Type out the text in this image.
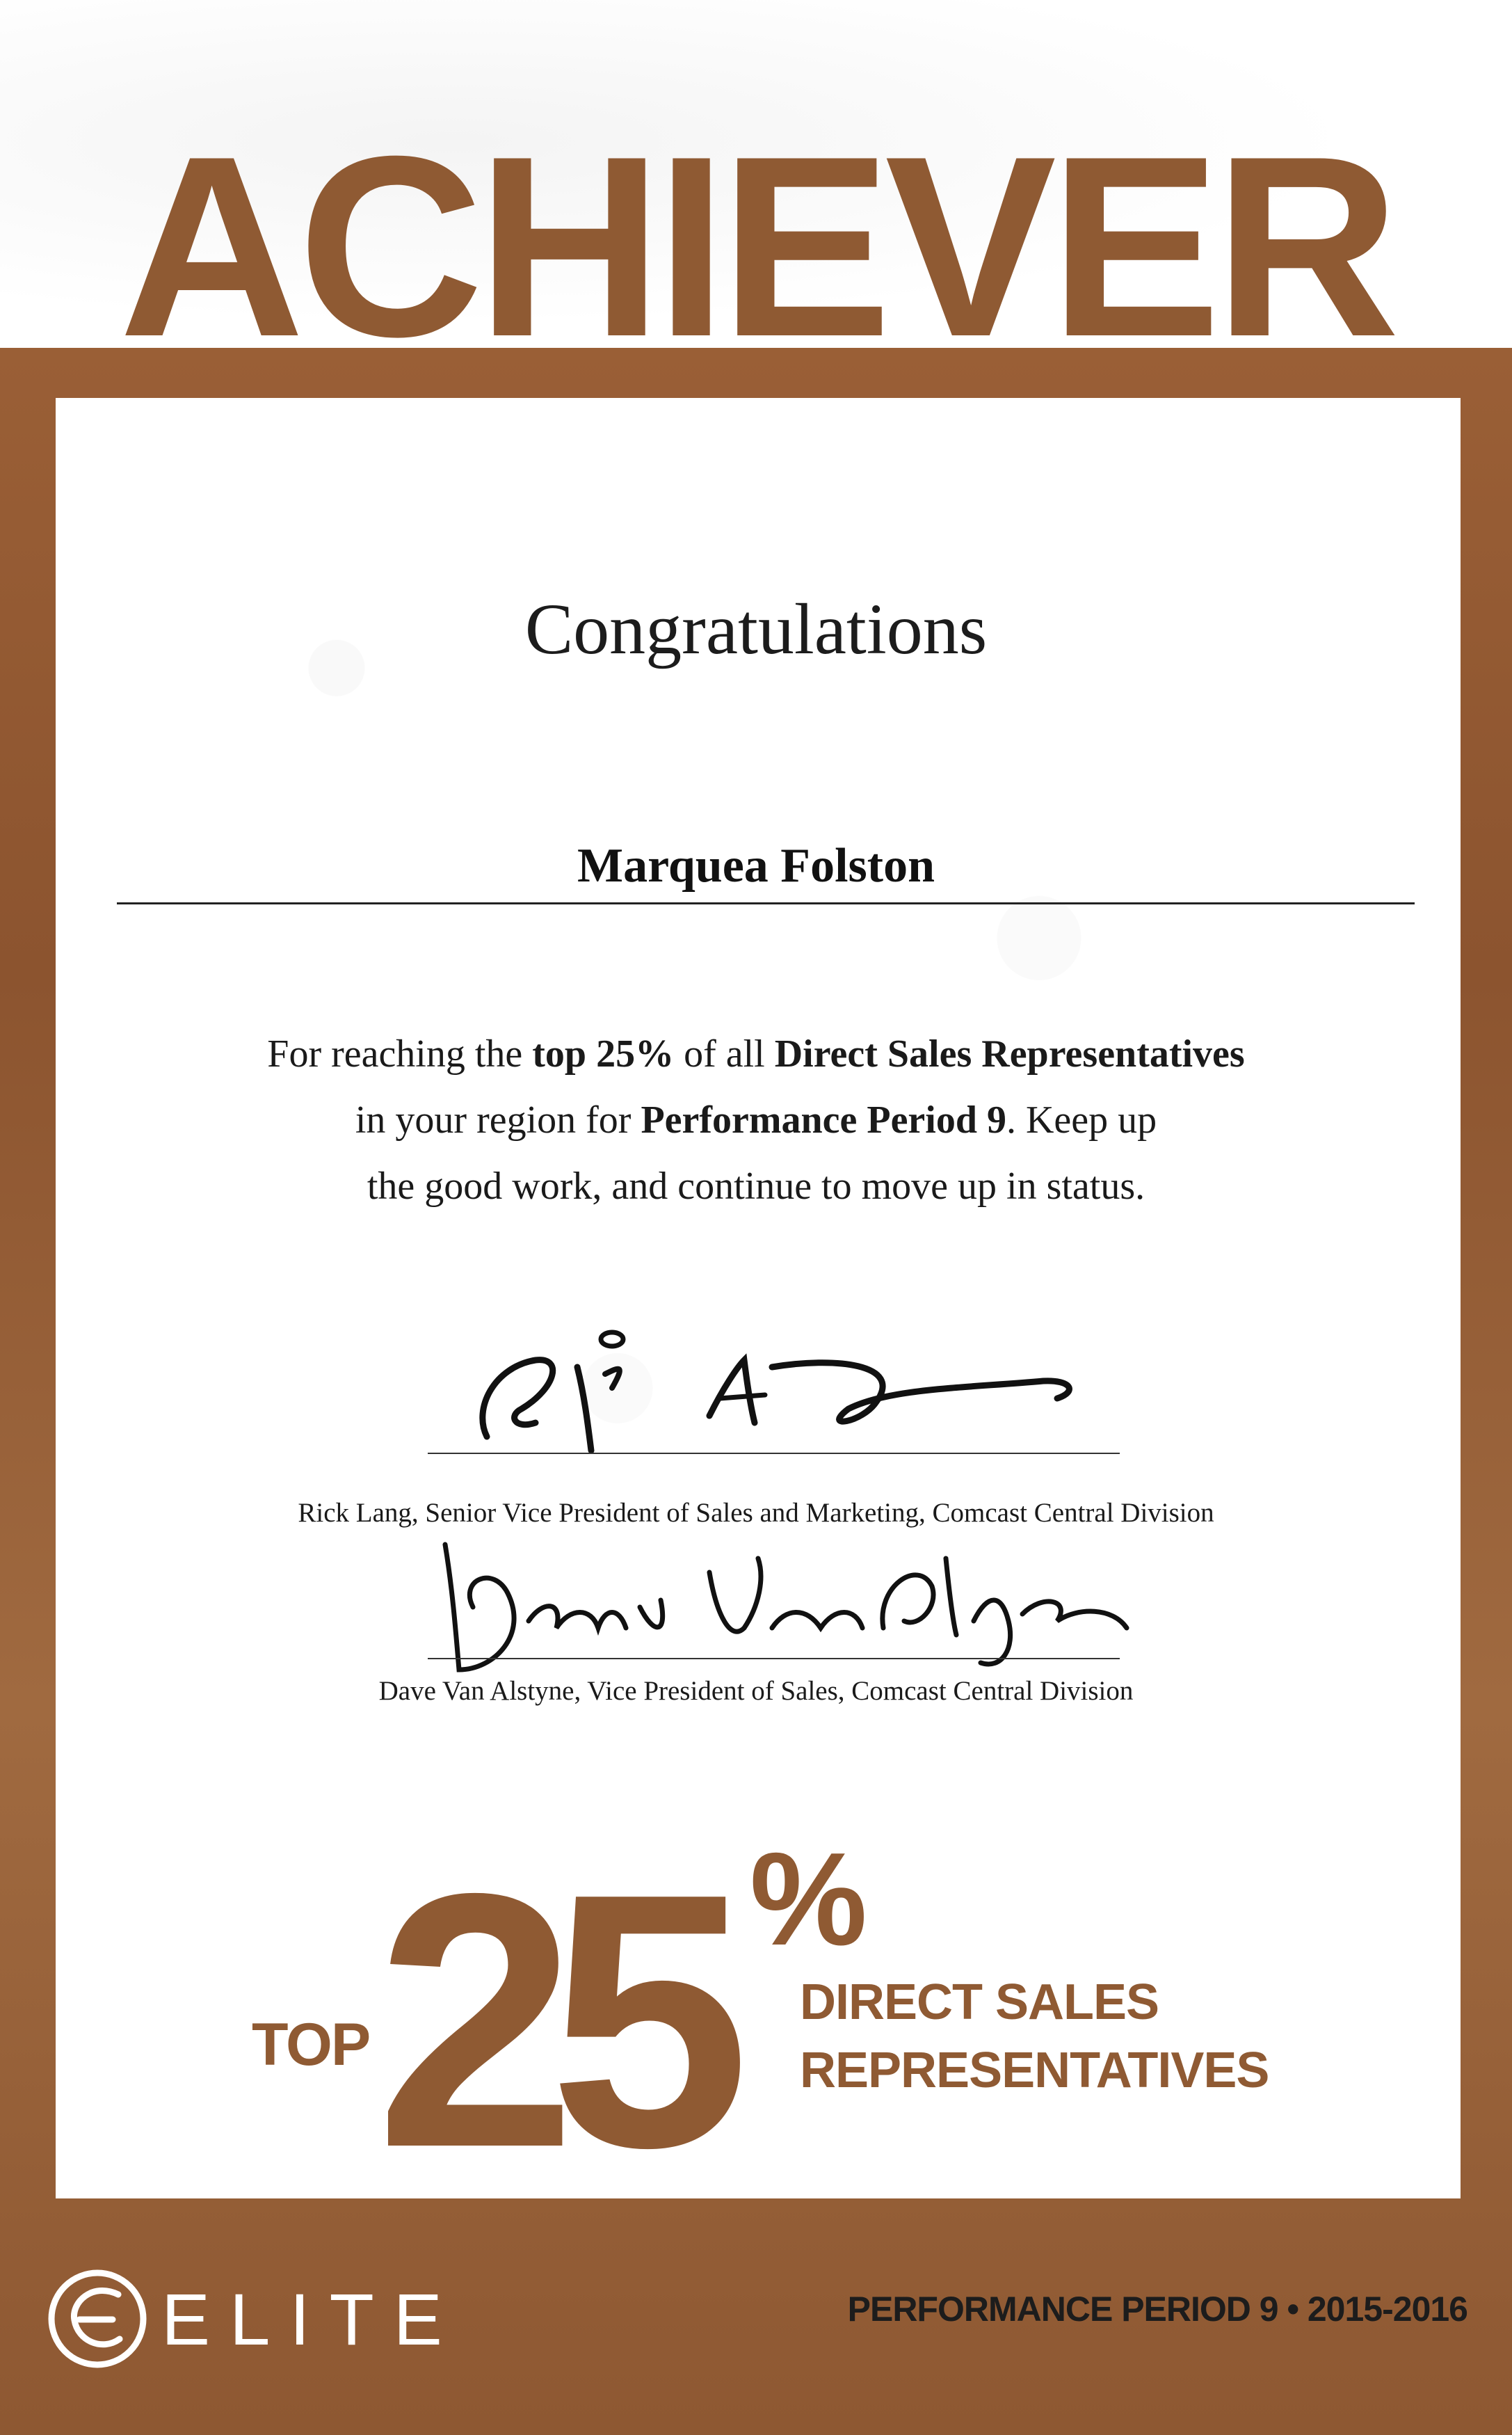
ACHIEVER
Congratulations
Marquea Folston
For reaching the top 25% of all Direct Sales Representatives
in your region for Performance Period 9. Keep up
the good work, and continue to move up in status.
Rick Lang, Senior Vice President of Sales and Marketing, Comcast Central Division
Dave Van Alstyne, Vice President of Sales, Comcast Central Division
TOP 25 %
DIRECT SALES
REPRESENTATIVES
ELITE	PERFORMANCE PERIOD 9 • 2015-2016
